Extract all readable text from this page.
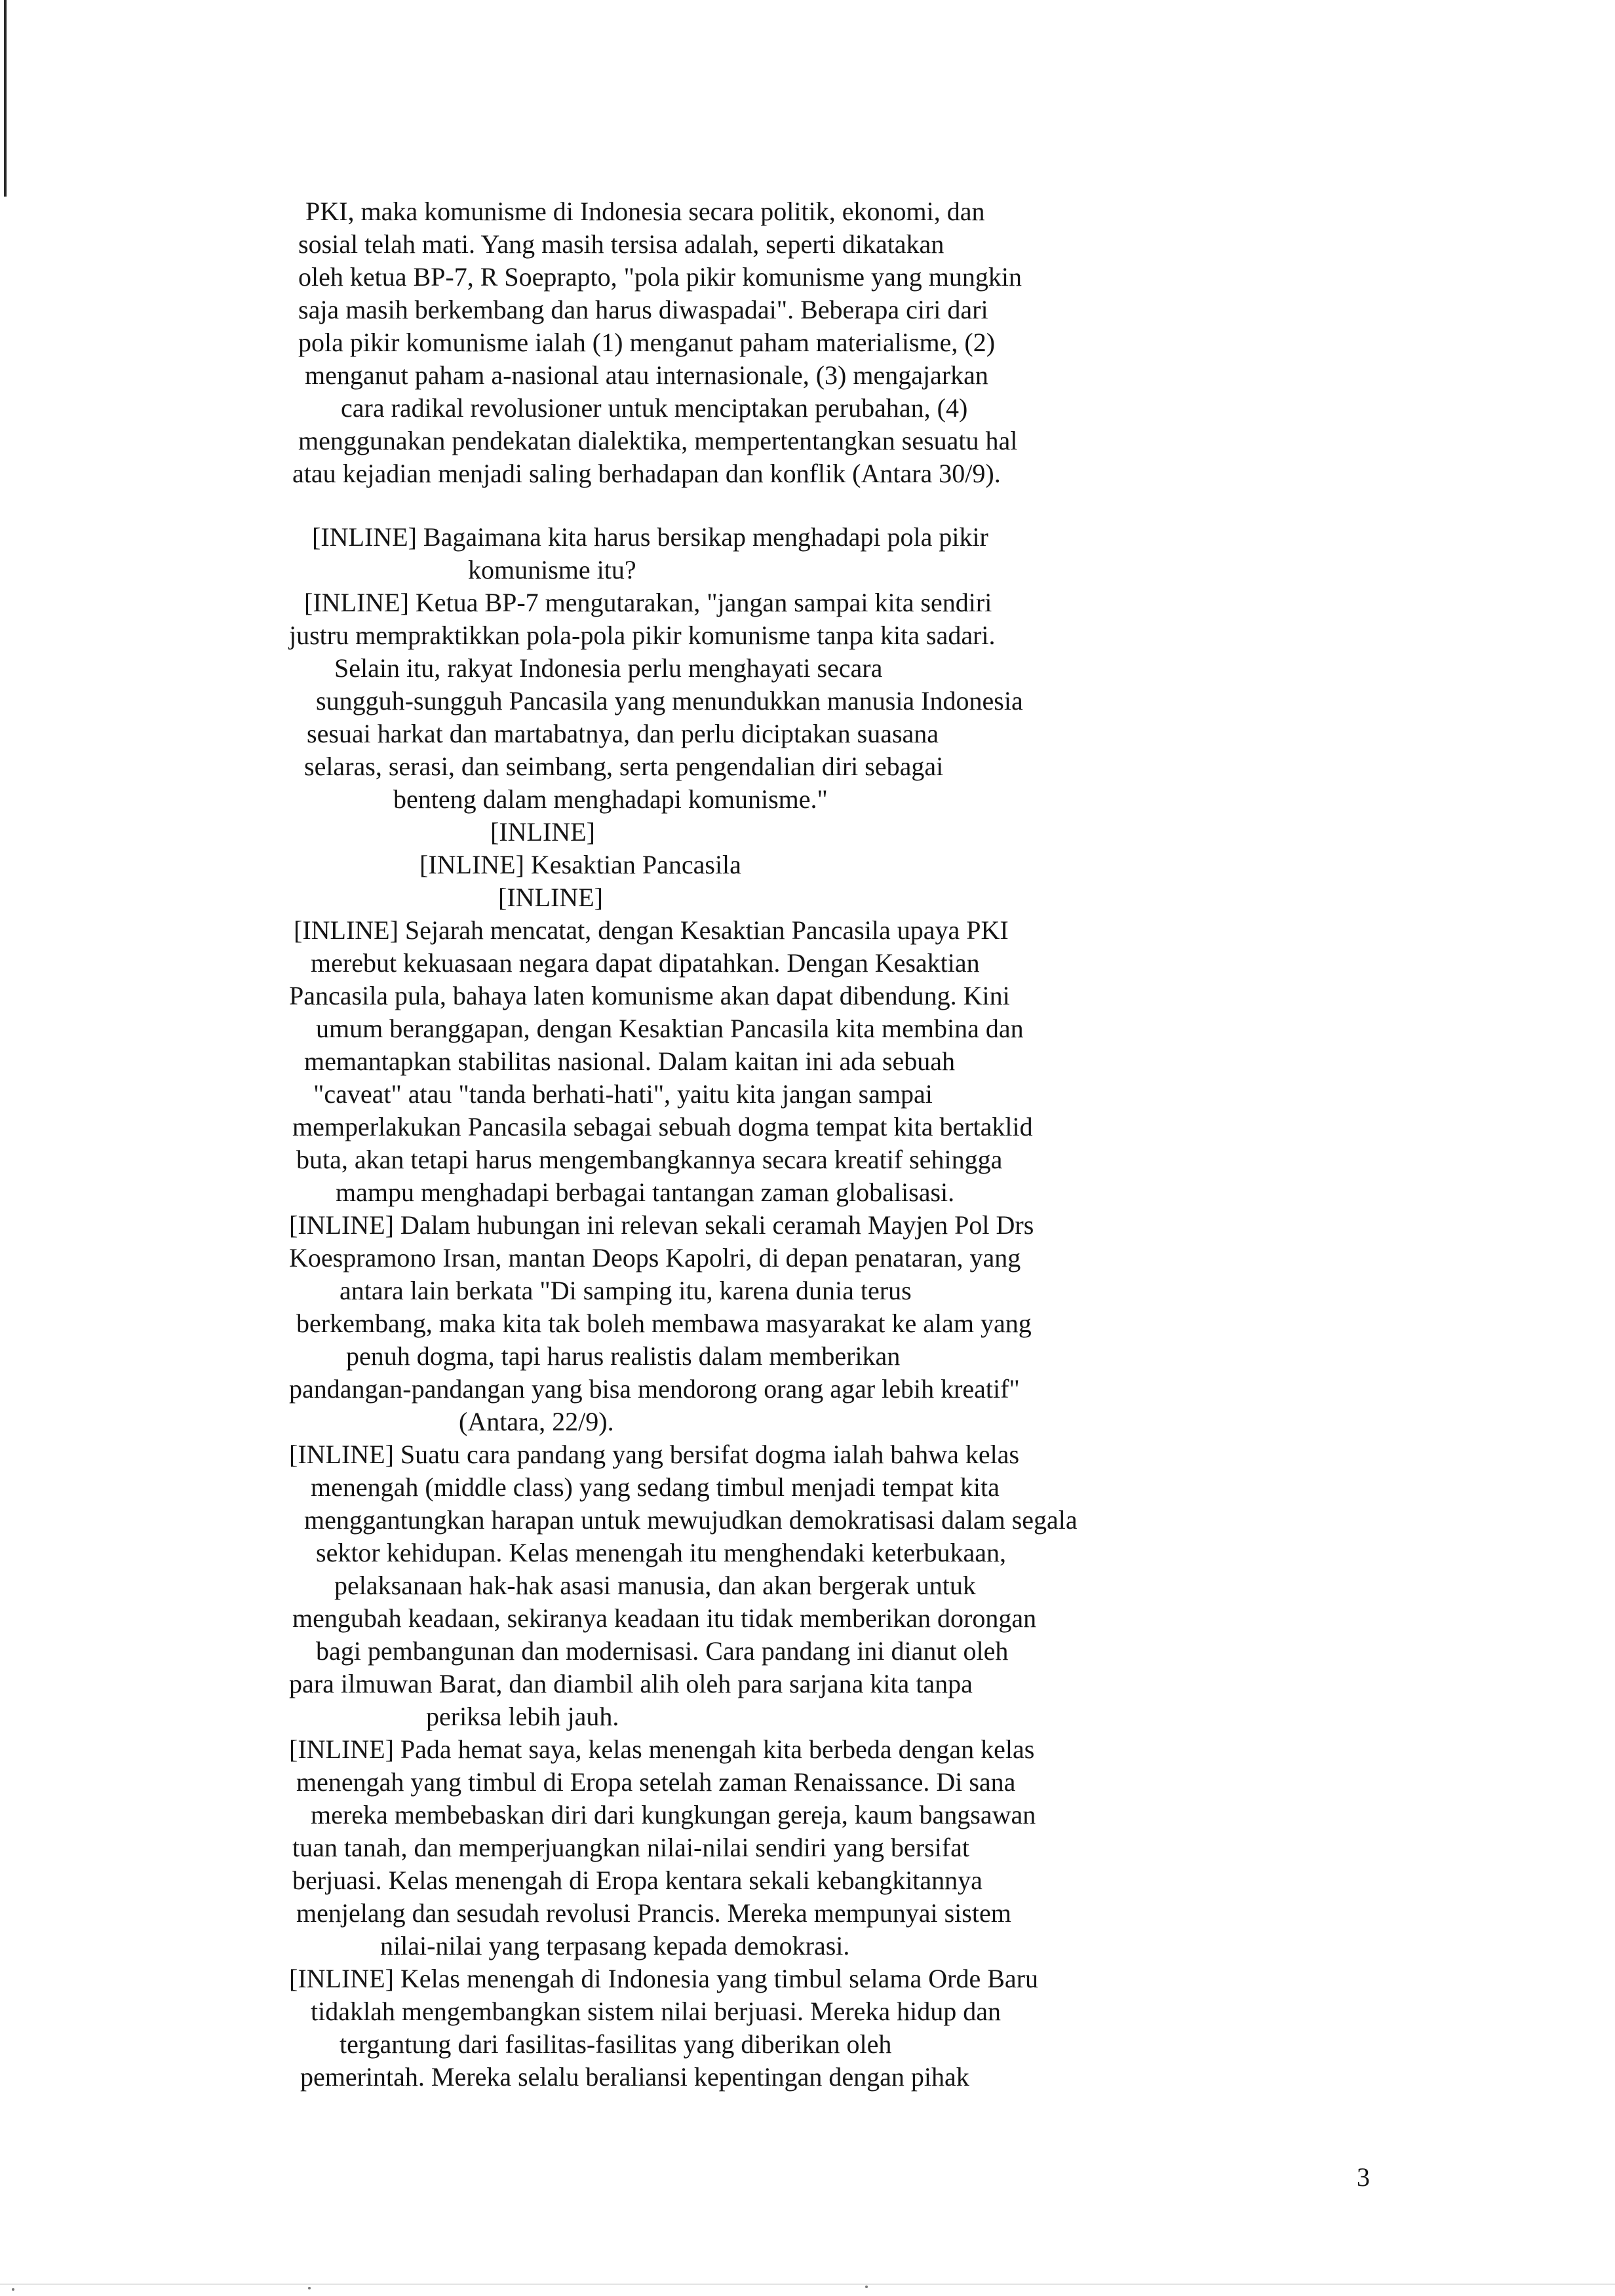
PKI, maka komunisme di Indonesia secara politik, ekonomi, dan

sosial telah mati. Yang masih tersisa adalah, seperti dikatakan

oleh ketua BP-7, R Soeprapto, "pola pikir komunisme yang mungkin

saja masih berkembang dan harus diwaspadai". Beberapa ciri dari

pola pikir komunisme ialah (1) menganut paham materialisme, (2)

menganut paham a-nasional atau internasionale, (3) mengajarkan

cara radikal revolusioner untuk menciptakan perubahan, (4)

menggunakan pendekatan dialektika, mempertentangkan sesuatu hal

atau kejadian menjadi saling berhadapan dan konflik (Antara 30/9).

[INLINE] Bagaimana kita harus bersikap menghadapi pola pikir

komunisme itu?

[INLINE] Ketua BP-7 mengutarakan, "jangan sampai kita sendiri

justru mempraktikkan pola-pola pikir komunisme tanpa kita sadari.

Selain itu, rakyat Indonesia perlu menghayati secara

sungguh-sungguh Pancasila yang menundukkan manusia Indonesia

sesuai harkat dan martabatnya, dan perlu diciptakan suasana

selaras, serasi, dan seimbang, serta pengendalian diri sebagai

benteng dalam menghadapi komunisme."

[INLINE]

[INLINE] Kesaktian Pancasila

[INLINE]

[INLINE] Sejarah mencatat, dengan Kesaktian Pancasila upaya PKI

merebut kekuasaan negara dapat dipatahkan. Dengan Kesaktian

Pancasila pula, bahaya laten komunisme akan dapat dibendung. Kini

umum beranggapan, dengan Kesaktian Pancasila kita membina dan

memantapkan stabilitas nasional. Dalam kaitan ini ada sebuah

"caveat" atau "tanda berhati-hati", yaitu kita jangan sampai

memperlakukan Pancasila sebagai sebuah dogma tempat kita bertaklid

buta, akan tetapi harus mengembangkannya secara kreatif sehingga

mampu menghadapi berbagai tantangan zaman globalisasi.

[INLINE] Dalam hubungan ini relevan sekali ceramah Mayjen Pol Drs

Koespramono Irsan, mantan Deops Kapolri, di depan penataran, yang

antara lain berkata "Di samping itu, karena dunia terus

berkembang, maka kita tak boleh membawa masyarakat ke alam yang

penuh dogma, tapi harus realistis dalam memberikan

pandangan-pandangan yang bisa mendorong orang agar lebih kreatif"

(Antara, 22/9).

[INLINE] Suatu cara pandang yang bersifat dogma ialah bahwa kelas

menengah (middle class) yang sedang timbul menjadi tempat kita

menggantungkan harapan untuk mewujudkan demokratisasi dalam segala

sektor kehidupan. Kelas menengah itu menghendaki keterbukaan,

pelaksanaan hak-hak asasi manusia, dan akan bergerak untuk

mengubah keadaan, sekiranya keadaan itu tidak memberikan dorongan

bagi pembangunan dan modernisasi. Cara pandang ini dianut oleh

para ilmuwan Barat, dan diambil alih oleh para sarjana kita tanpa

periksa lebih jauh.

[INLINE] Pada hemat saya, kelas menengah kita berbeda dengan kelas

menengah yang timbul di Eropa setelah zaman Renaissance. Di sana

mereka membebaskan diri dari kungkungan gereja, kaum bangsawan

tuan tanah, dan memperjuangkan nilai-nilai sendiri yang bersifat

berjuasi. Kelas menengah di Eropa kentara sekali kebangkitannya

menjelang dan sesudah revolusi Prancis. Mereka mempunyai sistem

nilai-nilai yang terpasang kepada demokrasi.

[INLINE] Kelas menengah di Indonesia yang timbul selama Orde Baru

tidaklah mengembangkan sistem nilai berjuasi. Mereka hidup dan

tergantung dari fasilitas-fasilitas yang diberikan oleh

pemerintah. Mereka selalu beraliansi kepentingan dengan pihak

3
